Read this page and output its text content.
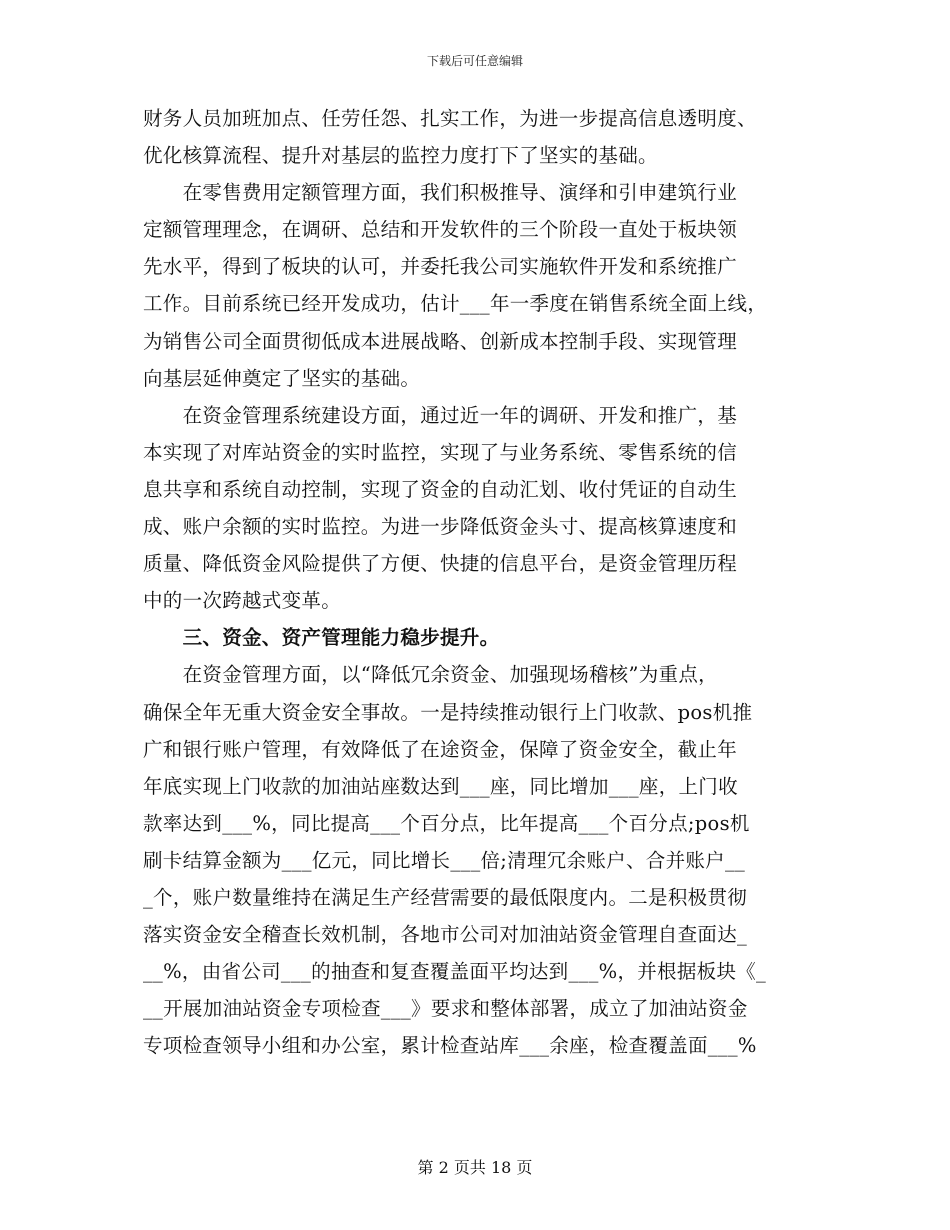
下载后可任意编辑
财务人员加班加点、任劳任怨、扎实工作，为进一步提高信息透明度、
优化核算流程、提升对基层的监控力度打下了坚实的基础。
　　在零售费用定额管理方面，我们积极推导、演绎和引申建筑行业
定额管理理念，在调研、总结和开发软件的三个阶段一直处于板块领
先水平，得到了板块的认可，并委托我公司实施软件开发和系统推广
工作。目前系统已经开发成功，估计___年一季度在销售系统全面上线，
为销售公司全面贯彻低成本进展战略、创新成本控制手段、实现管理
向基层延伸奠定了坚实的基础。
　　在资金管理系统建设方面，通过近一年的调研、开发和推广，基
本实现了对库站资金的实时监控，实现了与业务系统、零售系统的信
息共享和系统自动控制，实现了资金的自动汇划、收付凭证的自动生
成、账户余额的实时监控。为进一步降低资金头寸、提高核算速度和
质量、降低资金风险提供了方便、快捷的信息平台，是资金管理历程
中的一次跨越式变革。
　　三、资金、资产管理能力稳步提升。
　　在资金管理方面，以“降低冗余资金、加强现场稽核”为重点，
确保全年无重大资金安全事故。一是持续推动银行上门收款、pos机推
广和银行账户管理，有效降低了在途资金，保障了资金安全，截止年
年底实现上门收款的加油站座数达到___座，同比增加___座，上门收
款率达到___%，同比提高___个百分点，比年提高___个百分点;pos机
刷卡结算金额为___亿元，同比增长___倍;清理冗余账户、合并账户__
_个，账户数量维持在满足生产经营需要的最低限度内。二是积极贯彻
落实资金安全稽查长效机制，各地市公司对加油站资金管理自查面达_
__%，由省公司___的抽查和复查覆盖面平均达到___%，并根据板块《_
__开展加油站资金专项检查___》要求和整体部署，成立了加油站资金
专项检查领导小组和办公室，累计检查站库___余座，检查覆盖面___%
第 2 页共 18 页
